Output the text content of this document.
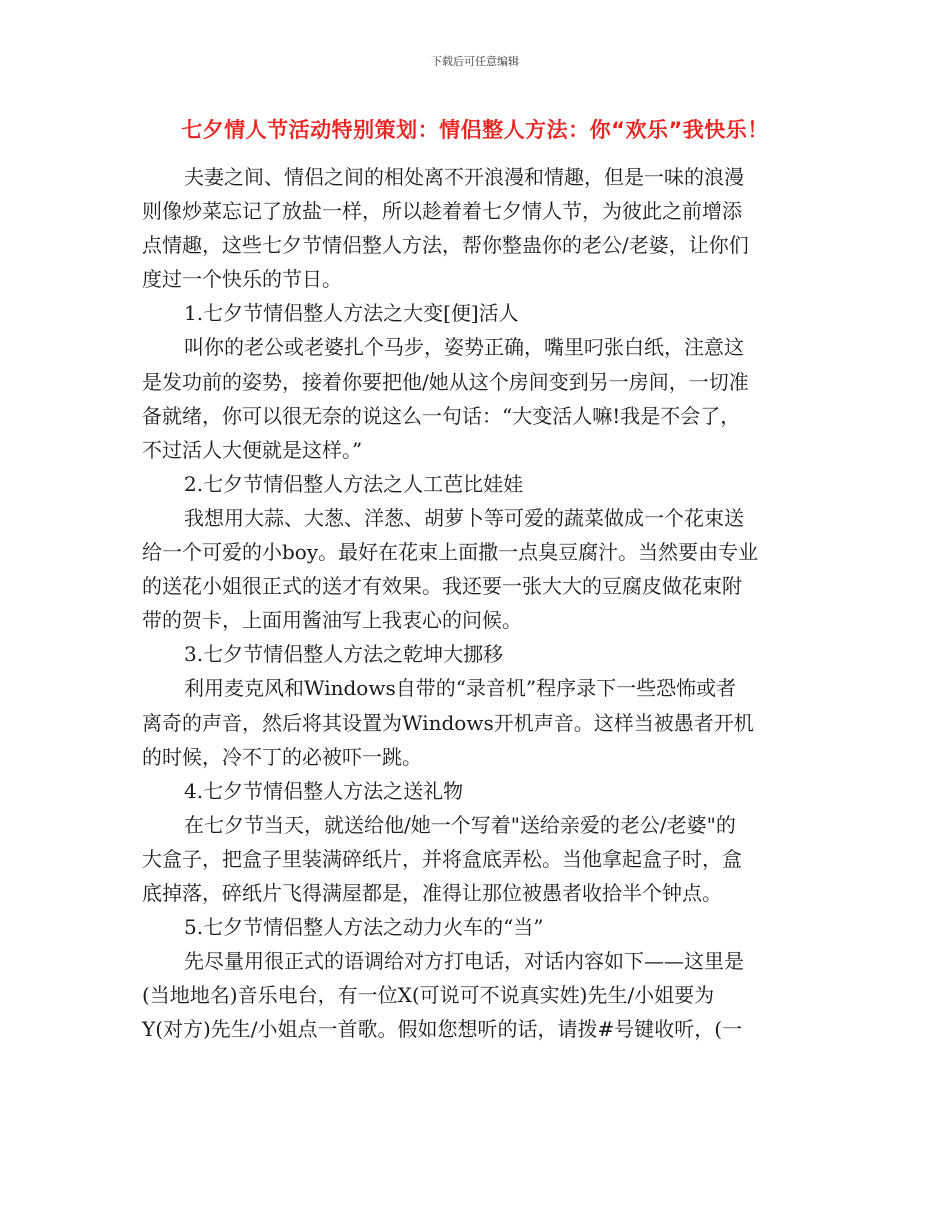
下载后可任意编辑
七夕情人节活动特别策划：情侣整人方法：你“欢乐”我快乐！
夫妻之间、情侣之间的相处离不开浪漫和情趣，但是一味的浪漫
则像炒菜忘记了放盐一样，所以趁着着七夕情人节，为彼此之前增添
点情趣，这些七夕节情侣整人方法，帮你整蛊你的老公/老婆，让你们
度过一个快乐的节日。
1.七夕节情侣整人方法之大变[便]活人
叫你的老公或老婆扎个马步，姿势正确，嘴里叼张白纸，注意这
是发功前的姿势，接着你要把他/她从这个房间变到另一房间，一切准
备就绪，你可以很无奈的说这么一句话：“大变活人嘛!我是不会了，
不过活人大便就是这样。”
2.七夕节情侣整人方法之人工芭比娃娃
我想用大蒜、大葱、洋葱、胡萝卜等可爱的蔬菜做成一个花束送
给一个可爱的小boy。最好在花束上面撒一点臭豆腐汁。当然要由专业
的送花小姐很正式的送才有效果。我还要一张大大的豆腐皮做花束附
带的贺卡，上面用酱油写上我衷心的问候。
3.七夕节情侣整人方法之乾坤大挪移
利用麦克风和Windows自带的“录音机”程序录下一些恐怖或者
离奇的声音，然后将其设置为Windows开机声音。这样当被愚者开机
的时候，冷不丁的必被吓一跳。
4.七夕节情侣整人方法之送礼物
在七夕节当天，就送给他/她一个写着"送给亲爱的老公/老婆"的
大盒子，把盒子里装满碎纸片，并将盒底弄松。当他拿起盒子时，盒
底掉落，碎纸片飞得满屋都是，准得让那位被愚者收拾半个钟点。
5.七夕节情侣整人方法之动力火车的“当”
先尽量用很正式的语调给对方打电话，对话内容如下——这里是
(当地地名)音乐电台，有一位X(可说可不说真实姓)先生/小姐要为
Y(对方)先生/小姐点一首歌。假如您想听的话，请拨#号键收听，(一
